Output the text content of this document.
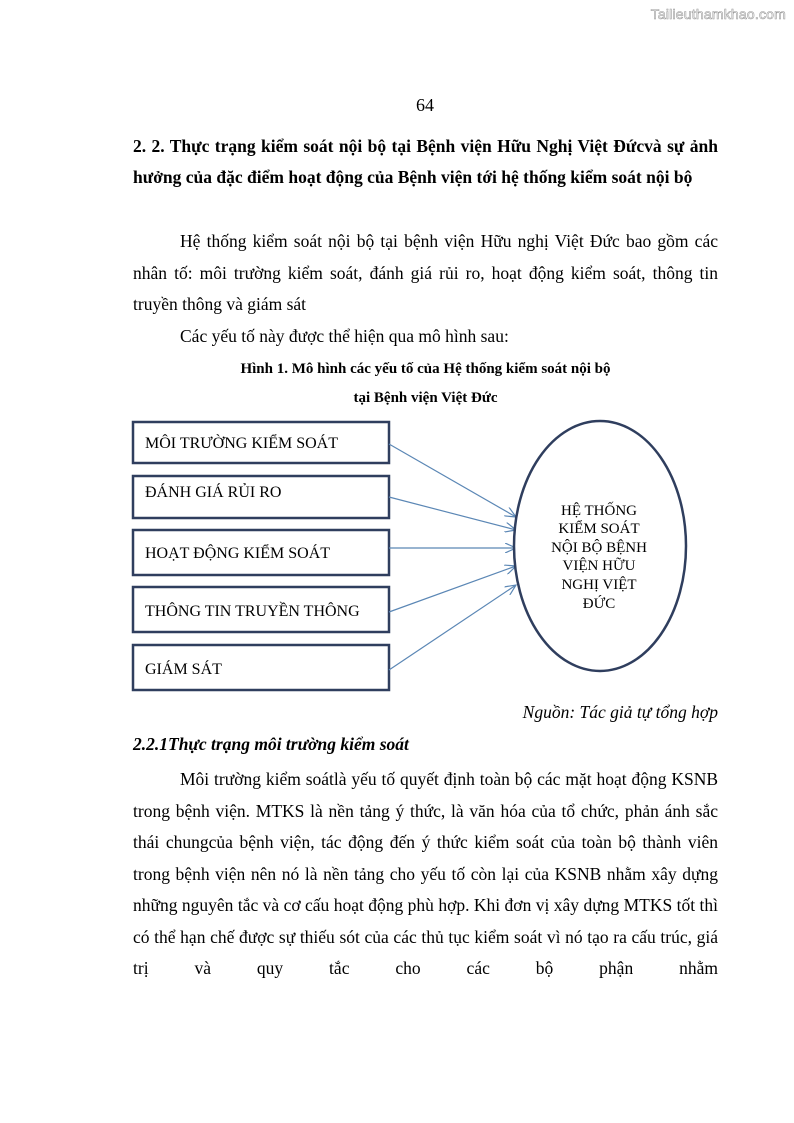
Tailieuthamkhao.com
64

2. 2. Thực trạng kiểm soát nội bộ tại Bệnh viện Hữu Nghị Việt Đứcvà sự ảnh hưởng của đặc điểm hoạt động của Bệnh viện tới hệ thống kiểm soát nội bộ

Hệ thống kiểm soát nội bộ tại bệnh viện Hữu nghị Việt Đức bao gồm các nhân tố: môi trường kiểm soát, đánh giá rủi ro, hoạt động kiểm soát, thông tin truyền thông và giám sát

Các yếu tố này được thể hiện qua mô hình sau:

Hình 1. Mô hình các yếu tố của Hệ thống kiểm soát nội bộ

tại Bệnh viện Việt Đức

MÔI TRƯỜNG KIỂM SOÁT
ĐÁNH GIÁ RỦI RO
HOẠT ĐỘNG KIỂM SOÁT
THÔNG TIN TRUYỀN THÔNG
GIÁM SÁT
HỆ THỐNG
KIỂM SOÁT
NỘI BỘ BỆNH
VIỆN HỮU
NGHỊ VIỆT
ĐỨC
Nguồn: Tác giả tự tổng hợp
2.2.1Thực trạng môi trường kiểm soát

Môi trường kiểm soátlà yếu tố quyết định toàn bộ các mặt hoạt động KSNB trong bệnh viện. MTKS là nền tảng ý thức, là văn hóa của tổ chức, phản ánh sắc thái chungcủa bệnh viện, tác động đến ý thức kiểm soát của toàn bộ thành viên trong bệnh viện nên nó là nền tảng cho yếu tố còn lại của KSNB nhằm xây dựng những nguyên tắc và cơ cấu hoạt động phù hợp. Khi đơn vị xây dựng MTKS tốt thì có thể hạn chế được sự thiếu sót của các thủ tục kiểm soát vì nó tạo ra cấu trúc, giá trị và quy tắc cho các bộ phận nhằm
